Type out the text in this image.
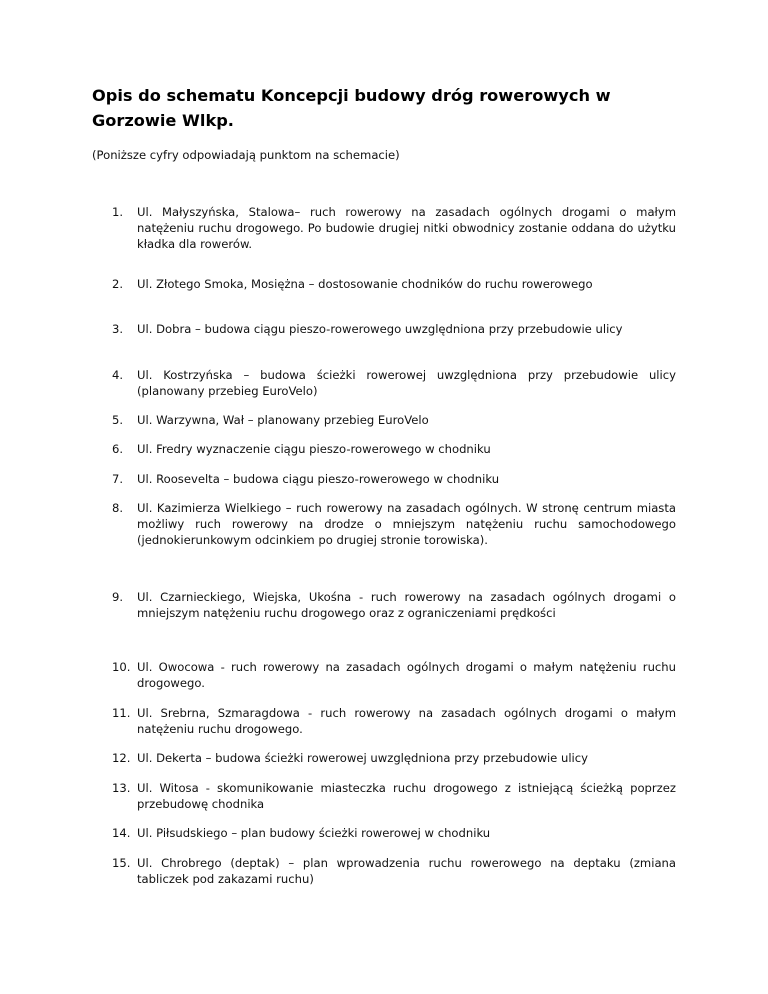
Opis do schematu Koncepcji budowy dróg rowerowych w Gorzowie Wlkp.

(Poniższe cyfry odpowiadają punktom na schemacie)

1.	Ul. Małyszyńska, Stalowa– ruch rowerowy na zasadach ogólnych drogami o małym natężeniu ruchu drogowego. Po budowie drugiej nitki obwodnicy zostanie oddana do użytku kładka dla rowerów.
2.	Ul. Złotego Smoka, Mosiężna – dostosowanie chodników do ruchu rowerowego
3.	Ul. Dobra – budowa ciągu pieszo-rowerowego uwzględniona przy przebudowie ulicy
4.	Ul. Kostrzyńska – budowa ścieżki rowerowej uwzględniona przy przebudowie ulicy (planowany przebieg EuroVelo)
5.	Ul. Warzywna, Wał – planowany przebieg EuroVelo
6.	Ul. Fredry wyznaczenie ciągu pieszo-rowerowego w chodniku
7.	Ul. Roosevelta – budowa ciągu pieszo-rowerowego w chodniku
8.	Ul. Kazimierza Wielkiego – ruch rowerowy na zasadach ogólnych. W stronę centrum miasta możliwy ruch rowerowy na drodze o mniejszym natężeniu ruchu samochodowego (jednokierunkowym odcinkiem po drugiej stronie torowiska).
9.	Ul. Czarnieckiego, Wiejska, Ukośna - ruch rowerowy na zasadach ogólnych drogami o mniejszym natężeniu ruchu drogowego oraz z ograniczeniami prędkości
10. Ul. Owocowa - ruch rowerowy na zasadach ogólnych drogami o małym natężeniu ruchu drogowego.
11. Ul. Srebrna, Szmaragdowa - ruch rowerowy na zasadach ogólnych drogami o małym natężeniu ruchu drogowego.
12. Ul. Dekerta – budowa ścieżki rowerowej uwzględniona przy przebudowie ulicy
13. Ul. Witosa - skomunikowanie miasteczka ruchu drogowego z istniejącą ścieżką poprzez przebudowę chodnika
14. Ul. Piłsudskiego – plan budowy ścieżki rowerowej w chodniku
15. Ul. Chrobrego (deptak) – plan wprowadzenia ruchu rowerowego na deptaku (zmiana tabliczek pod zakazami ruchu)
